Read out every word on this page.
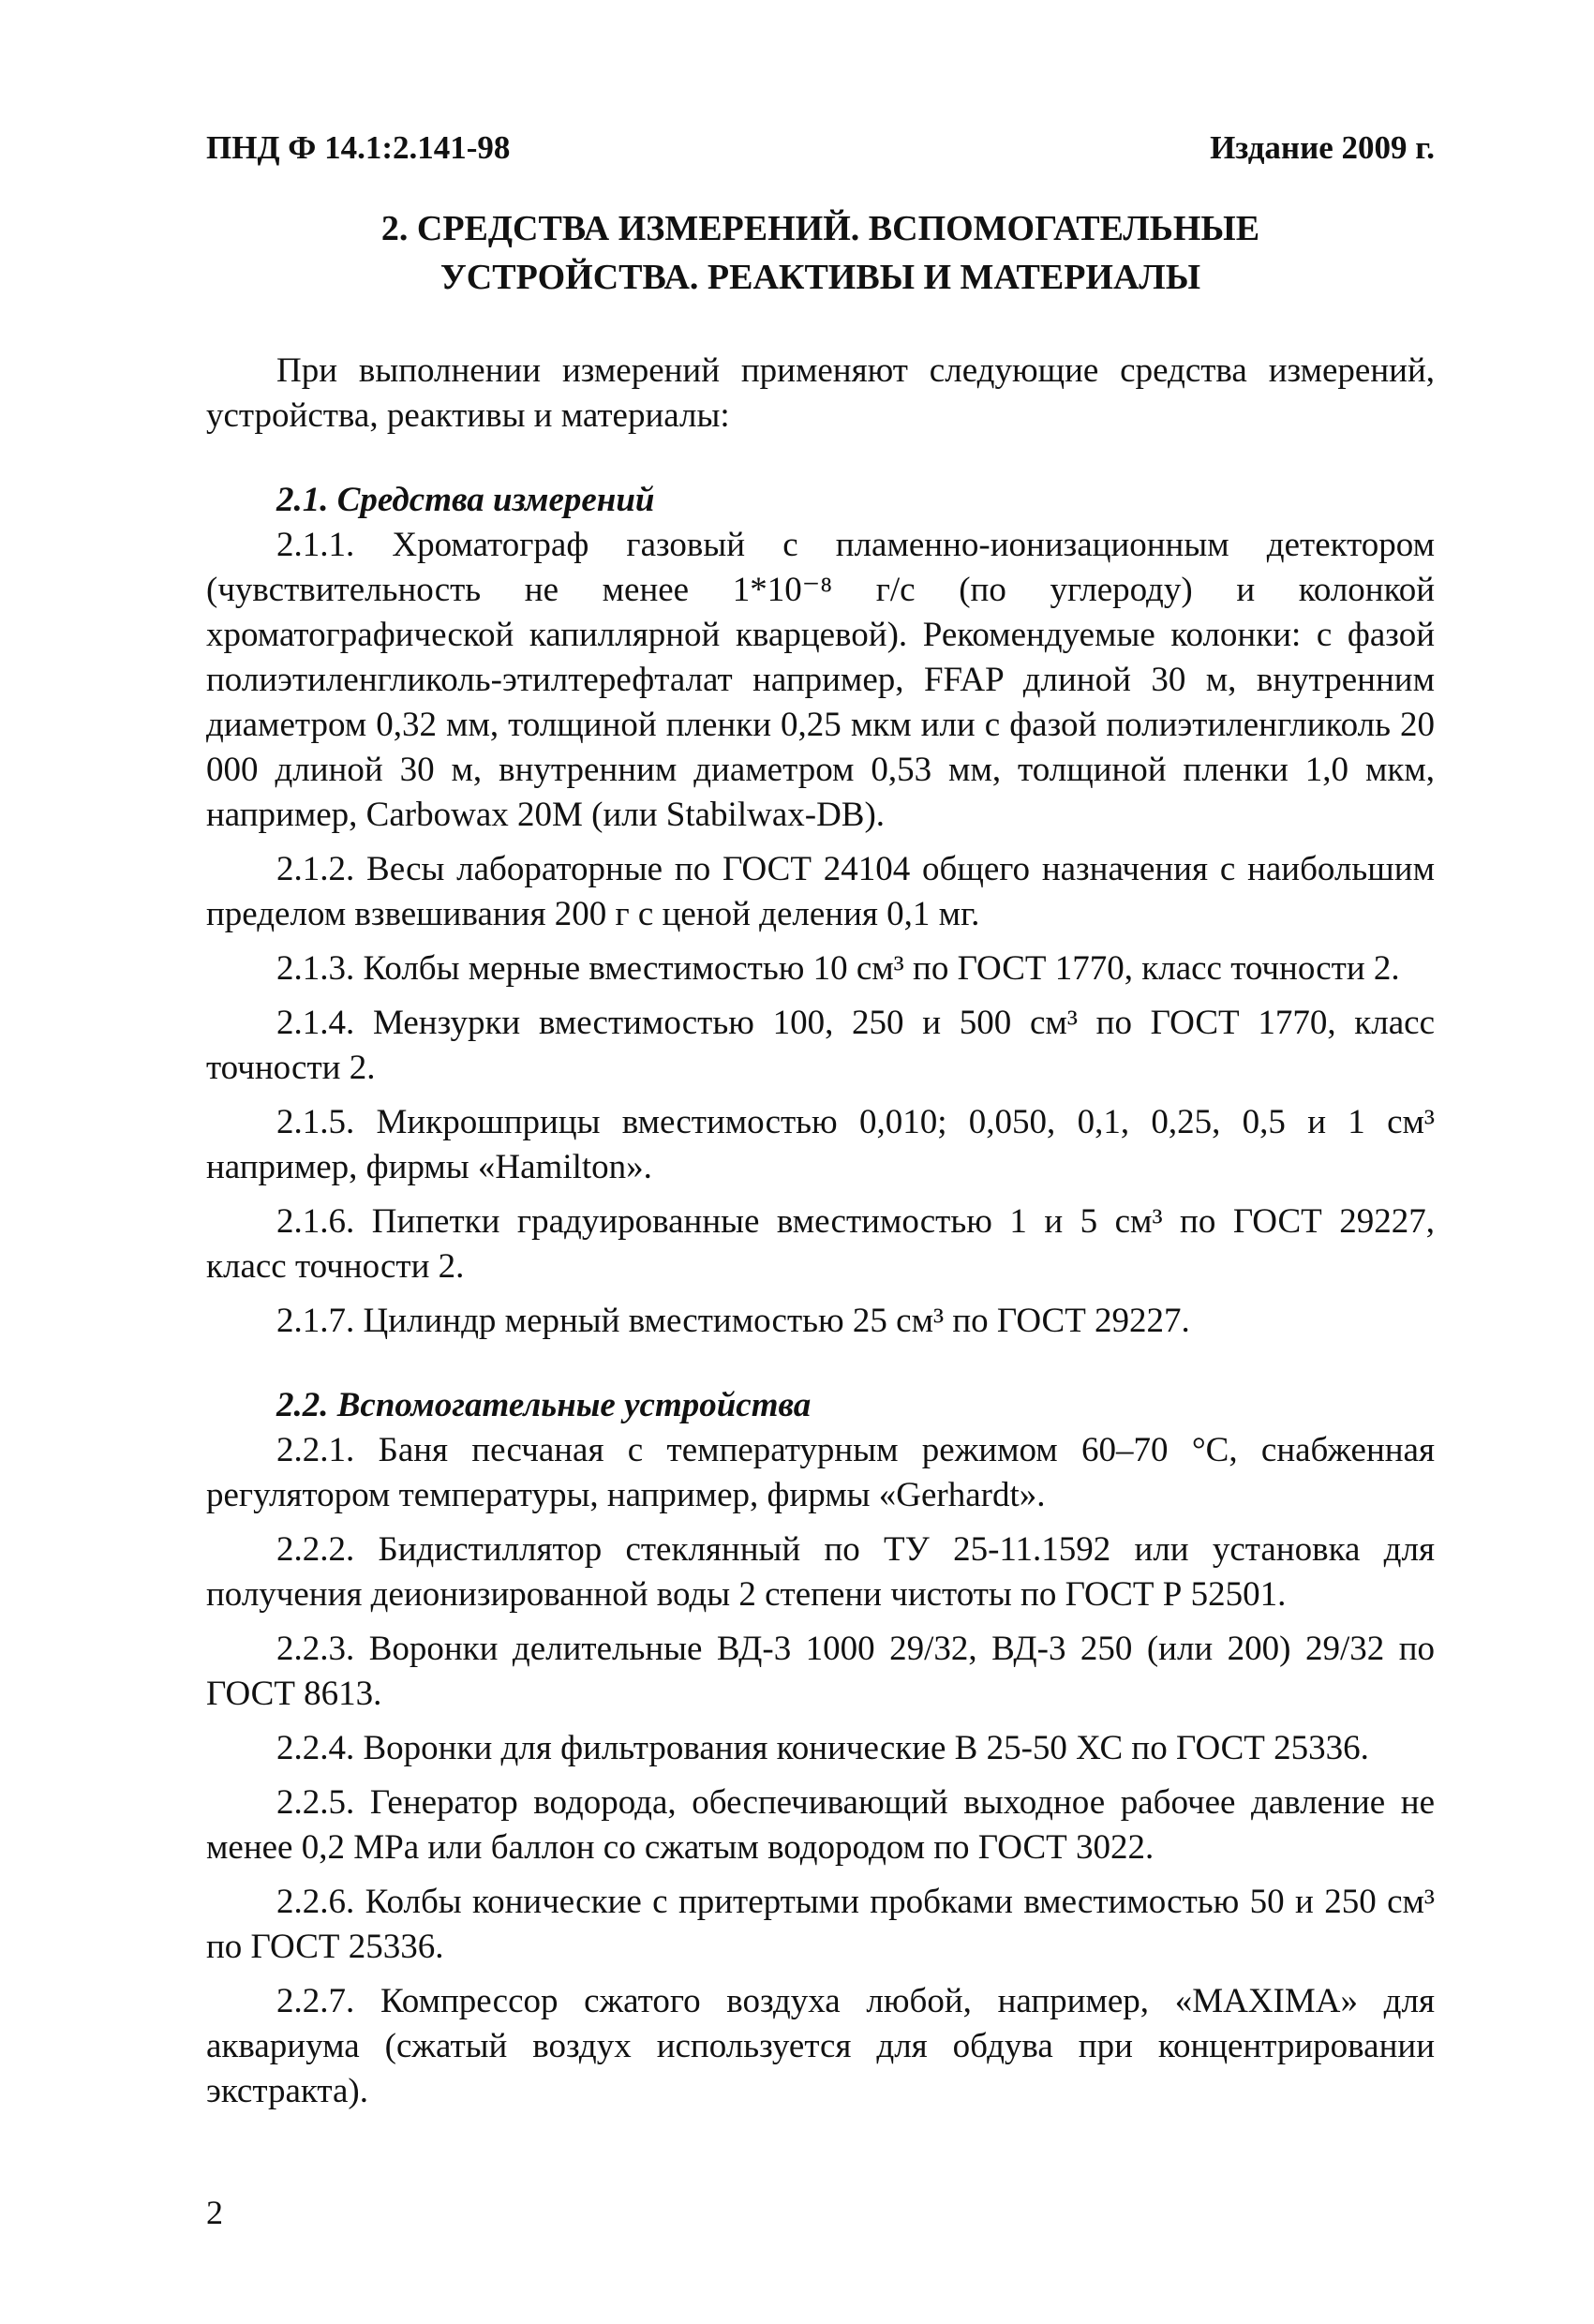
ПНД Ф 14.1:2.141-98	Издание 2009 г.
2. СРЕДСТВА ИЗМЕРЕНИЙ. ВСПОМОГАТЕЛЬНЫЕ
УСТРОЙСТВА. РЕАКТИВЫ И МАТЕРИАЛЫ

При выполнении измерений применяют следующие средства измерений, устройства, реактивы и материалы:

2.1. Средства измерений

2.1.1. Хроматограф газовый с пламенно-ионизационным детектором (чувствительность не менее 1*10⁻⁸ г/с (по углероду) и колонкой хроматографической капиллярной кварцевой). Рекомендуемые колонки: с фазой полиэтиленгликоль-этилтерефталат например, FFAP длиной 30 м, внутренним диаметром 0,32 мм, толщиной пленки 0,25 мкм или с фазой полиэтиленгликоль 20 000 длиной 30 м, внутренним диаметром 0,53 мм, толщиной пленки 1,0 мкм, например, Carbowax 20M (или Stabilwax-DB).

2.1.2. Весы лабораторные по ГОСТ 24104 общего назначения с наибольшим пределом взвешивания 200 г с ценой деления 0,1 мг.

2.1.3. Колбы мерные вместимостью 10 см³ по ГОСТ 1770, класс точности 2.

2.1.4. Мензурки вместимостью 100, 250 и 500 см³ по ГОСТ 1770, класс точности 2.

2.1.5. Микрошприцы вместимостью 0,010; 0,050, 0,1, 0,25, 0,5 и 1 см³ например, фирмы «Hamilton».

2.1.6. Пипетки градуированные вместимостью 1 и 5 см³ по ГОСТ 29227, класс точности 2.

2.1.7. Цилиндр мерный вместимостью 25 см³ по ГОСТ 29227.

2.2. Вспомогательные устройства

2.2.1. Баня песчаная с температурным режимом 60–70 °С, снабженная регулятором температуры, например, фирмы «Gerhardt».

2.2.2. Бидистиллятор стеклянный по ТУ 25-11.1592 или установка для получения деионизированной воды 2 степени чистоты по ГОСТ Р 52501.

2.2.3. Воронки делительные ВД-3 1000 29/32, ВД-3 250 (или 200) 29/32 по ГОСТ 8613.

2.2.4. Воронки для фильтрования конические В 25-50 ХС по ГОСТ 25336.

2.2.5. Генератор водорода, обеспечивающий выходное рабочее давление не менее 0,2 MPa или баллон со сжатым водородом по ГОСТ 3022.

2.2.6. Колбы конические с притертыми пробками вместимостью 50 и 250 см³ по ГОСТ 25336.

2.2.7. Компрессор сжатого воздуха любой, например, «MAXIMA» для аквариума (сжатый воздух используется для обдува при концентрировании экстракта).

2
